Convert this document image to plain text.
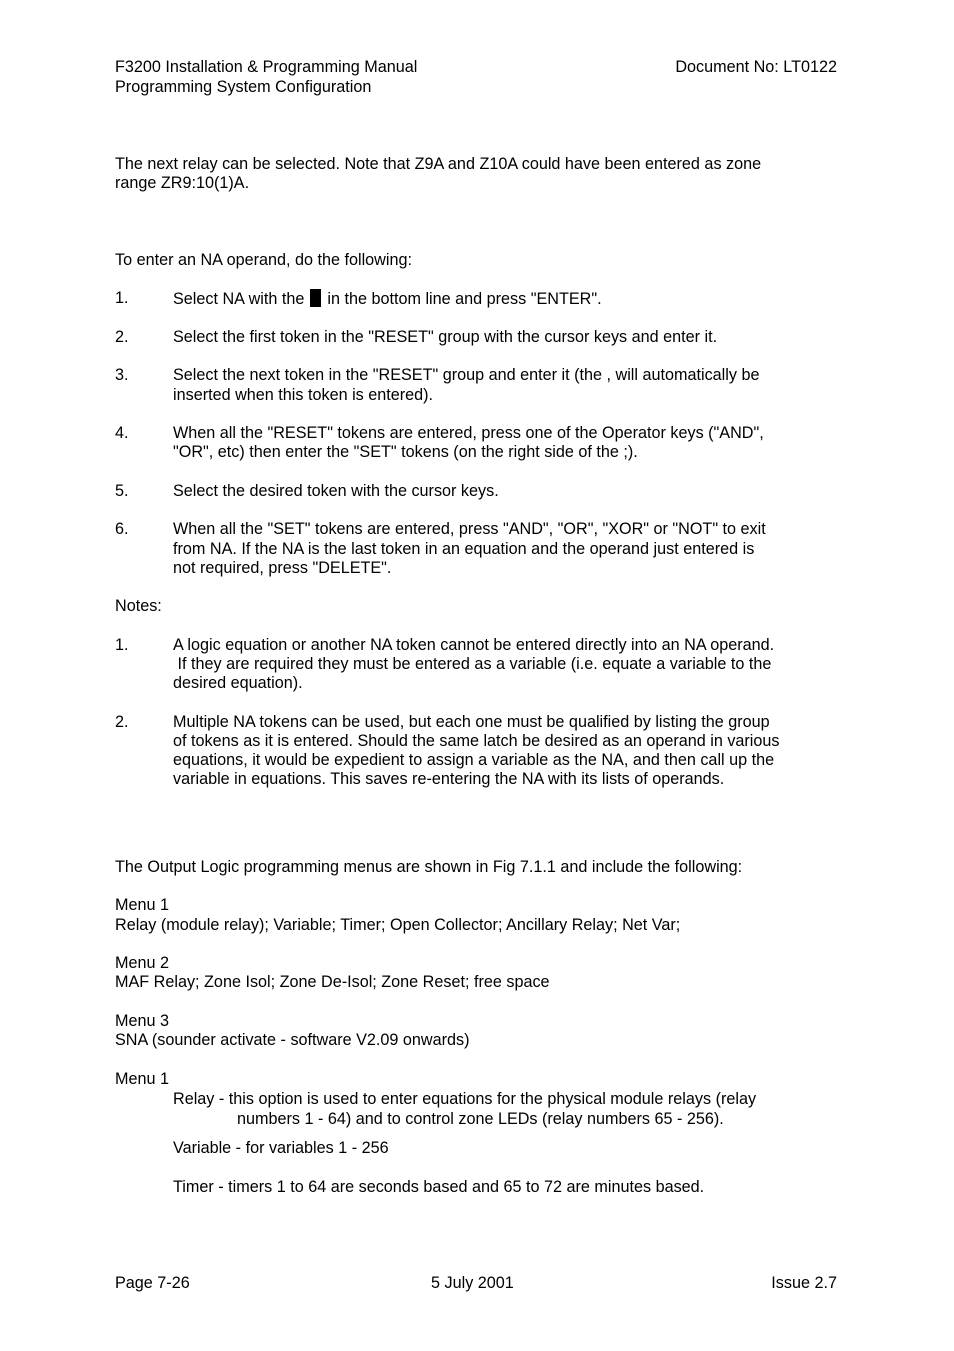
F3200 Installation & Programming Manual
Programming System Configuration
Document No: LT0122
The next relay can be selected. Note that Z9A and Z10A could have been entered as zone
range ZR9:10(1)A.
To enter an NA operand, do the following:
1.	Select NA with the in the bottom line and press "ENTER".
2.	Select the first token in the "RESET" group with the cursor keys and enter it.
3.	Select the next token in the "RESET" group and enter it (the , will automatically be
inserted when this token is entered).
4.	When all the "RESET" tokens are entered, press one of the Operator keys ("AND",
"OR", etc) then enter the "SET" tokens (on the right side of the ;).
5.	Select the desired token with the cursor keys.
6.	When all the "SET" tokens are entered, press "AND", "OR", "XOR" or "NOT" to exit
from NA. If the NA is the last token in an equation and the operand just entered is
not required, press "DELETE".
Notes:
1.	A logic equation or another NA token cannot be entered directly into an NA operand.
If they are required they must be entered as a variable (i.e. equate a variable to the
desired equation).
2.	Multiple NA tokens can be used, but each one must be qualified by listing the group
of tokens as it is entered. Should the same latch be desired as an operand in various
equations, it would be expedient to assign a variable as the NA, and then call up the
variable in equations. This saves re-entering the NA with its lists of operands.
The Output Logic programming menus are shown in Fig 7.1.1 and include the following:
Menu 1
Relay (module relay); Variable; Timer; Open Collector; Ancillary Relay; Net Var;
Menu 2
MAF Relay; Zone Isol; Zone De-Isol; Zone Reset; free space
Menu 3
SNA (sounder activate - software V2.09 onwards)
Menu 1
Relay - this option is used to enter equations for the physical module relays (relay
numbers 1 - 64) and to control zone LEDs (relay numbers 65 - 256).
Variable - for variables 1 - 256
Timer - timers 1 to 64 are seconds based and 65 to 72 are minutes based.
Page 7-26	5 July 2001	Issue 2.7
